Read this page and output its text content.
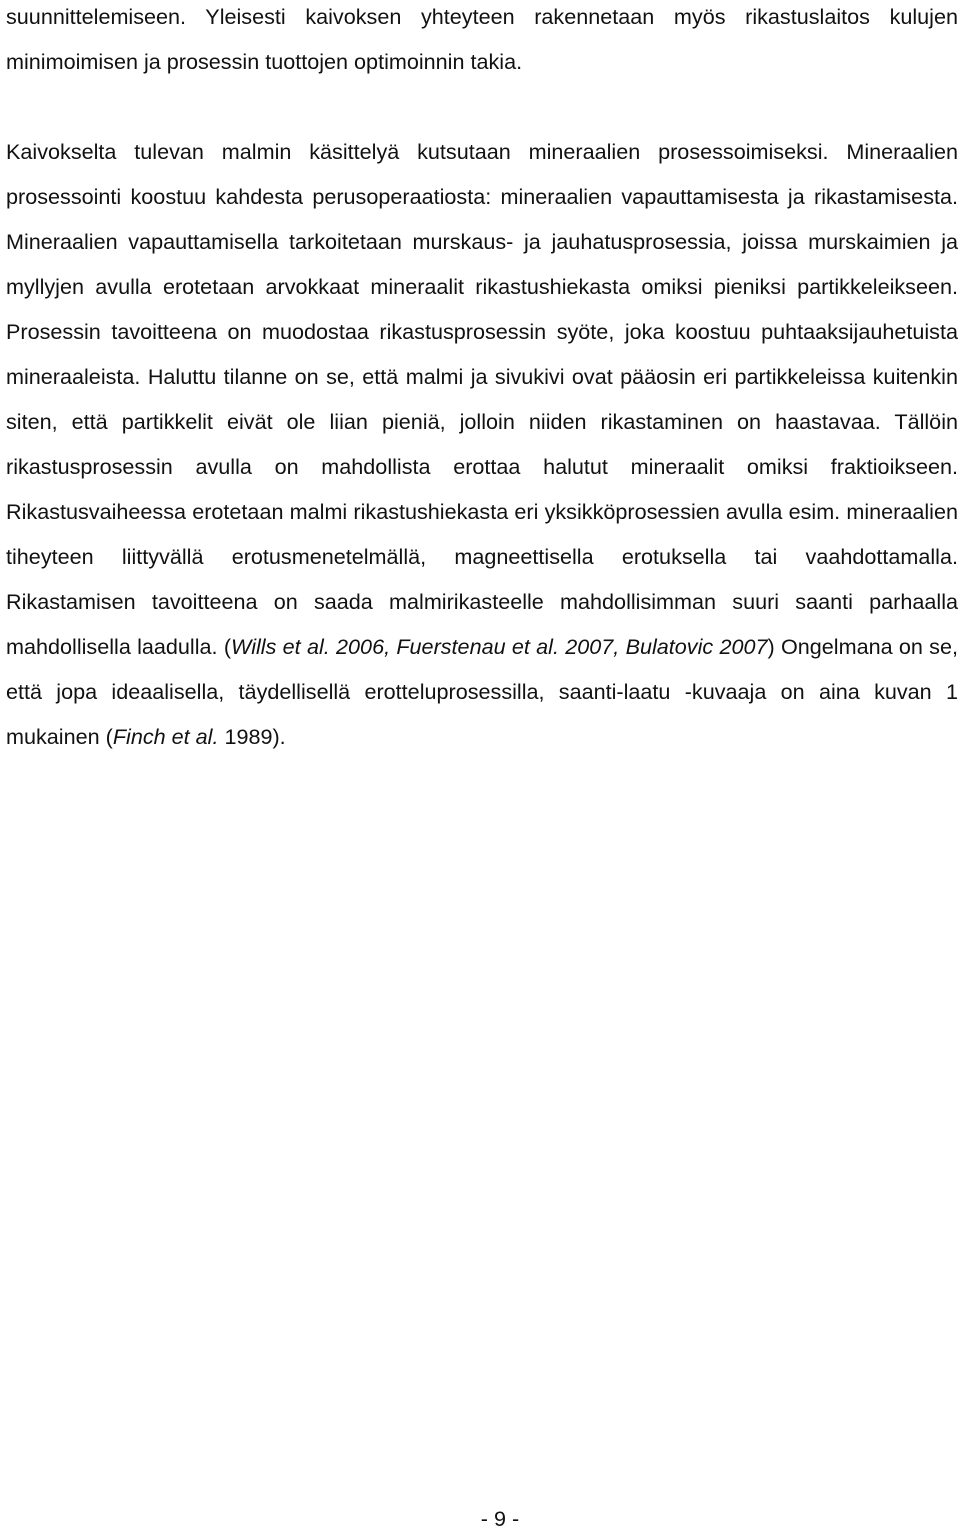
suunnittelemiseen. Yleisesti kaivoksen yhteyteen rakennetaan myös rikastuslaitos kulujen minimoimisen ja prosessin tuottojen optimoinnin takia.

Kaivokselta tulevan malmin käsittelyä kutsutaan mineraalien prosessoimiseksi. Mineraalien prosessointi koostuu kahdesta perusoperaatiosta: mineraalien vapauttamisesta ja rikastamisesta. Mineraalien vapauttamisella tarkoitetaan murskaus- ja jauhatusprosessia, joissa murskaimien ja myllyjen avulla erotetaan arvokkaat mineraalit rikastushiekasta omiksi pieniksi partikkeleikseen. Prosessin tavoitteena on muodostaa rikastusprosessin syöte, joka koostuu puhtaaksijauhetuista mineraaleista. Haluttu tilanne on se, että malmi ja sivukivi ovat pääosin eri partikkeleissa kuitenkin siten, että partikkelit eivät ole liian pieniä, jolloin niiden rikastaminen on haastavaa. Tällöin rikastusprosessin avulla on mahdollista erottaa halutut mineraalit omiksi fraktioikseen. Rikastusvaiheessa erotetaan malmi rikastushiekasta eri yksikköprosessien avulla esim. mineraalien tiheyteen liittyvällä erotusmenetelmällä, magneettisella erotuksella tai vaahdottamalla. Rikastamisen tavoitteena on saada malmirikasteelle mahdollisimman suuri saanti parhaalla mahdollisella laadulla. (Wills et al. 2006, Fuerstenau et al. 2007, Bulatovic 2007) Ongelmana on se, että jopa ideaalisella, täydellisellä erotteluprosessilla, saanti-laatu -kuvaaja on aina kuvan 1 mukainen (Finch et al. 1989).

- 9 -
